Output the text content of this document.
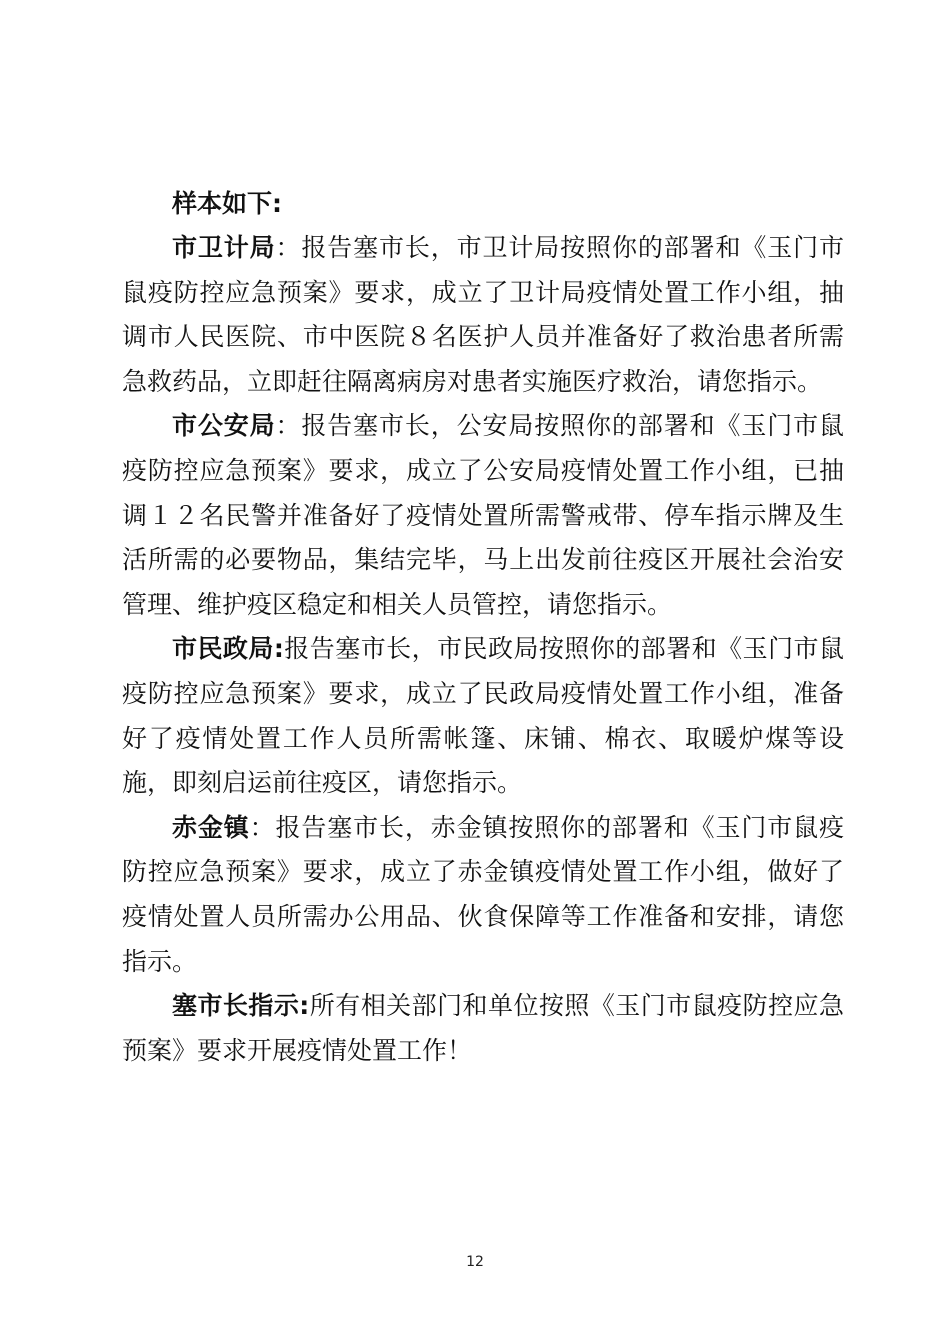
样本如下:

市卫计局：报告塞市长，市卫计局按照你的部署和《玉门市鼠疫防控应急预案》要求，成立了卫计局疫情处置工作小组，抽调市人民医院、市中医院８名医护人员并准备好了救治患者所需急救药品，立即赶往隔离病房对患者实施医疗救治，请您指示。

市公安局：报告塞市长，公安局按照你的部署和《玉门市鼠疫防控应急预案》要求，成立了公安局疫情处置工作小组，已抽调１２名民警并准备好了疫情处置所需警戒带、停车指示牌及生活所需的必要物品，集结完毕，马上出发前往疫区开展社会治安管理、维护疫区稳定和相关人员管控，请您指示。

市民政局:报告塞市长，市民政局按照你的部署和《玉门市鼠疫防控应急预案》要求，成立了民政局疫情处置工作小组，准备好了疫情处置工作人员所需帐篷、床铺、棉衣、取暖炉煤等设施，即刻启运前往疫区，请您指示。

赤金镇：报告塞市长，赤金镇按照你的部署和《玉门市鼠疫防控应急预案》要求，成立了赤金镇疫情处置工作小组，做好了疫情处置人员所需办公用品、伙食保障等工作准备和安排，请您指示。

塞市长指示:所有相关部门和单位按照《玉门市鼠疫防控应急预案》要求开展疫情处置工作！

12
